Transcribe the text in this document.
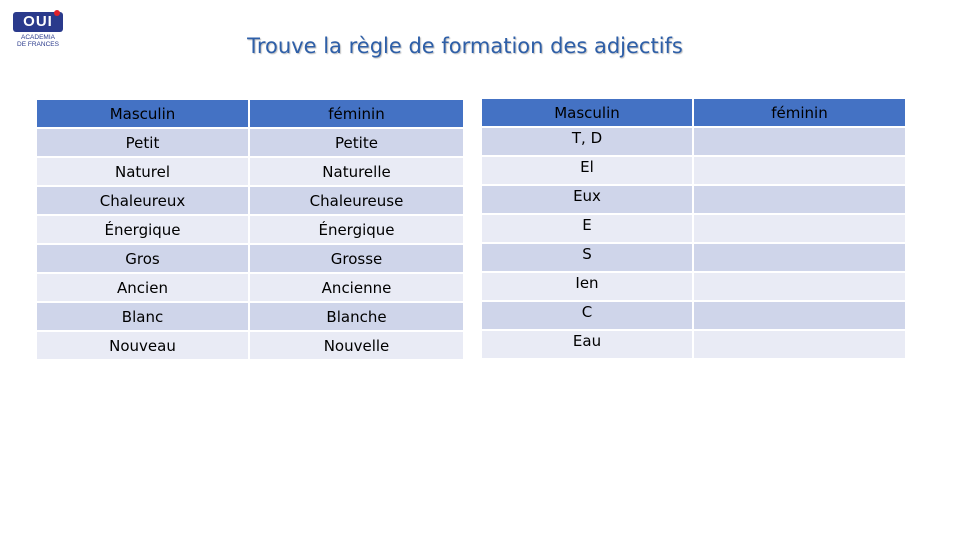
OUI
ACADEMIA
DE FRANCES	Trouve la règle de formation des adjectifs
Masculin	féminin
Petit	Petite
Naturel	Naturelle
Chaleureux	Chaleureuse
Énergique	Énergique
Gros	Grosse
Ancien	Ancienne
Blanc	Blanche
Nouveau	Nouvelle
Masculin	féminin
T, D	
El	
Eux	
E	
S	
Ien	
C	
Eau	
